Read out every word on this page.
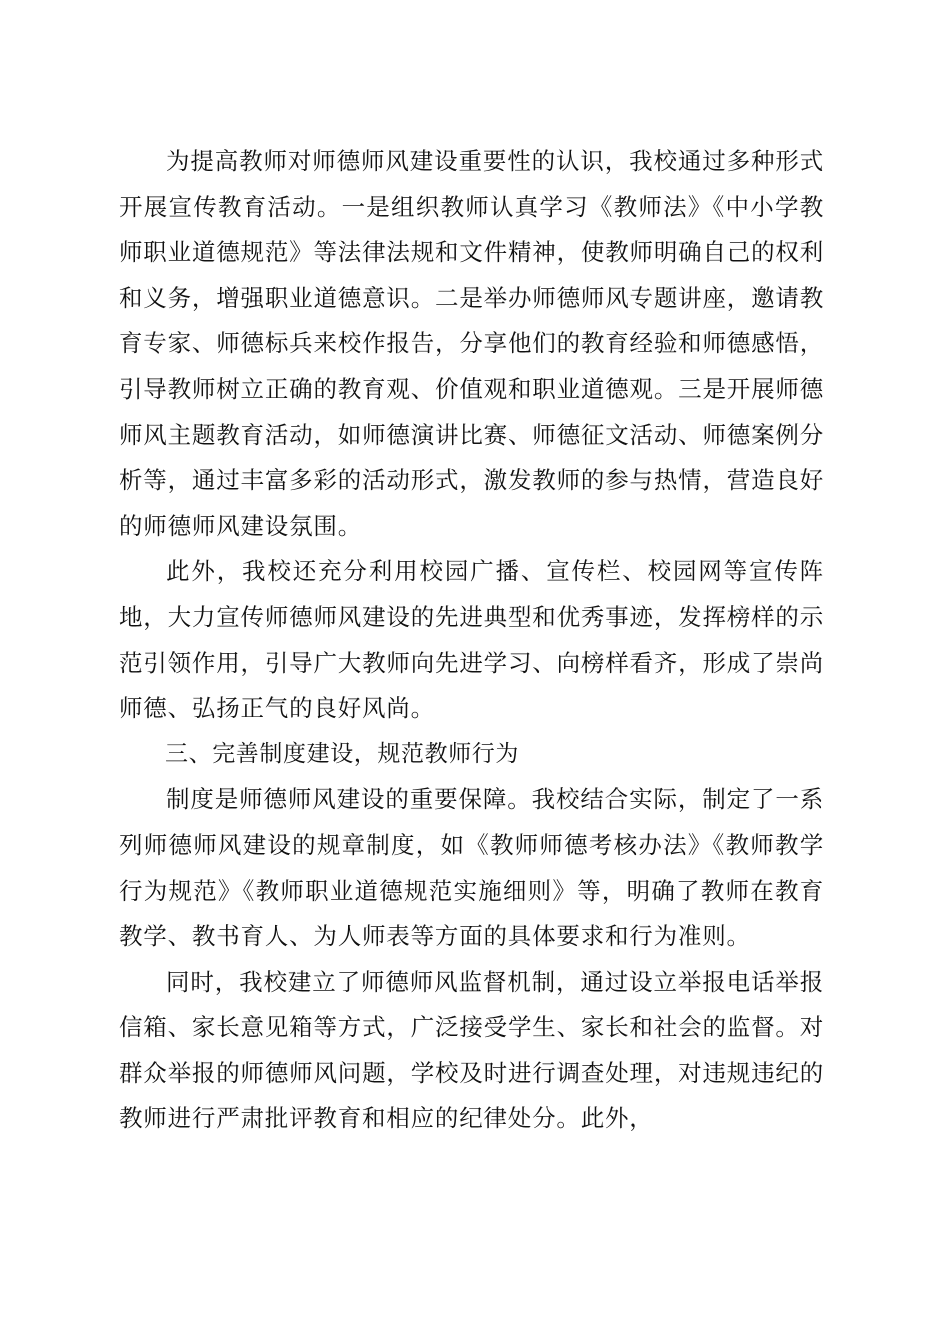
为提高教师对师德师风建设重要性的认识，我校通过多种形式开展宣传教育活动。一是组织教师认真学习《教师法》《中小学教师职业道德规范》等法律法规和文件精神，使教师明确自己的权利和义务，增强职业道德意识。二是举办师德师风专题讲座，邀请教育专家、师德标兵来校作报告，分享他们的教育经验和师德感悟，引导教师树立正确的教育观、价值观和职业道德观。三是开展师德师风主题教育活动，如师德演讲比赛、师德征文活动、师德案例分析等，通过丰富多彩的活动形式，激发教师的参与热情，营造良好的师德师风建设氛围。

此外，我校还充分利用校园广播、宣传栏、校园网等宣传阵地，大力宣传师德师风建设的先进典型和优秀事迹，发挥榜样的示范引领作用，引导广大教师向先进学习、向榜样看齐，形成了崇尚师德、弘扬正气的良好风尚。

三、完善制度建设，规范教师行为

制度是师德师风建设的重要保障。我校结合实际，制定了一系列师德师风建设的规章制度，如《教师师德考核办法》《教师教学行为规范》《教师职业道德规范实施细则》等，明确了教师在教育教学、教书育人、为人师表等方面的具体要求和行为准则。

同时，我校建立了师德师风监督机制，通过设立举报电话举报信箱、家长意见箱等方式，广泛接受学生、家长和社会的监督。对群众举报的师德师风问题，学校及时进行调查处理，对违规违纪的教师进行严肃批评教育和相应的纪律处分。此外，
